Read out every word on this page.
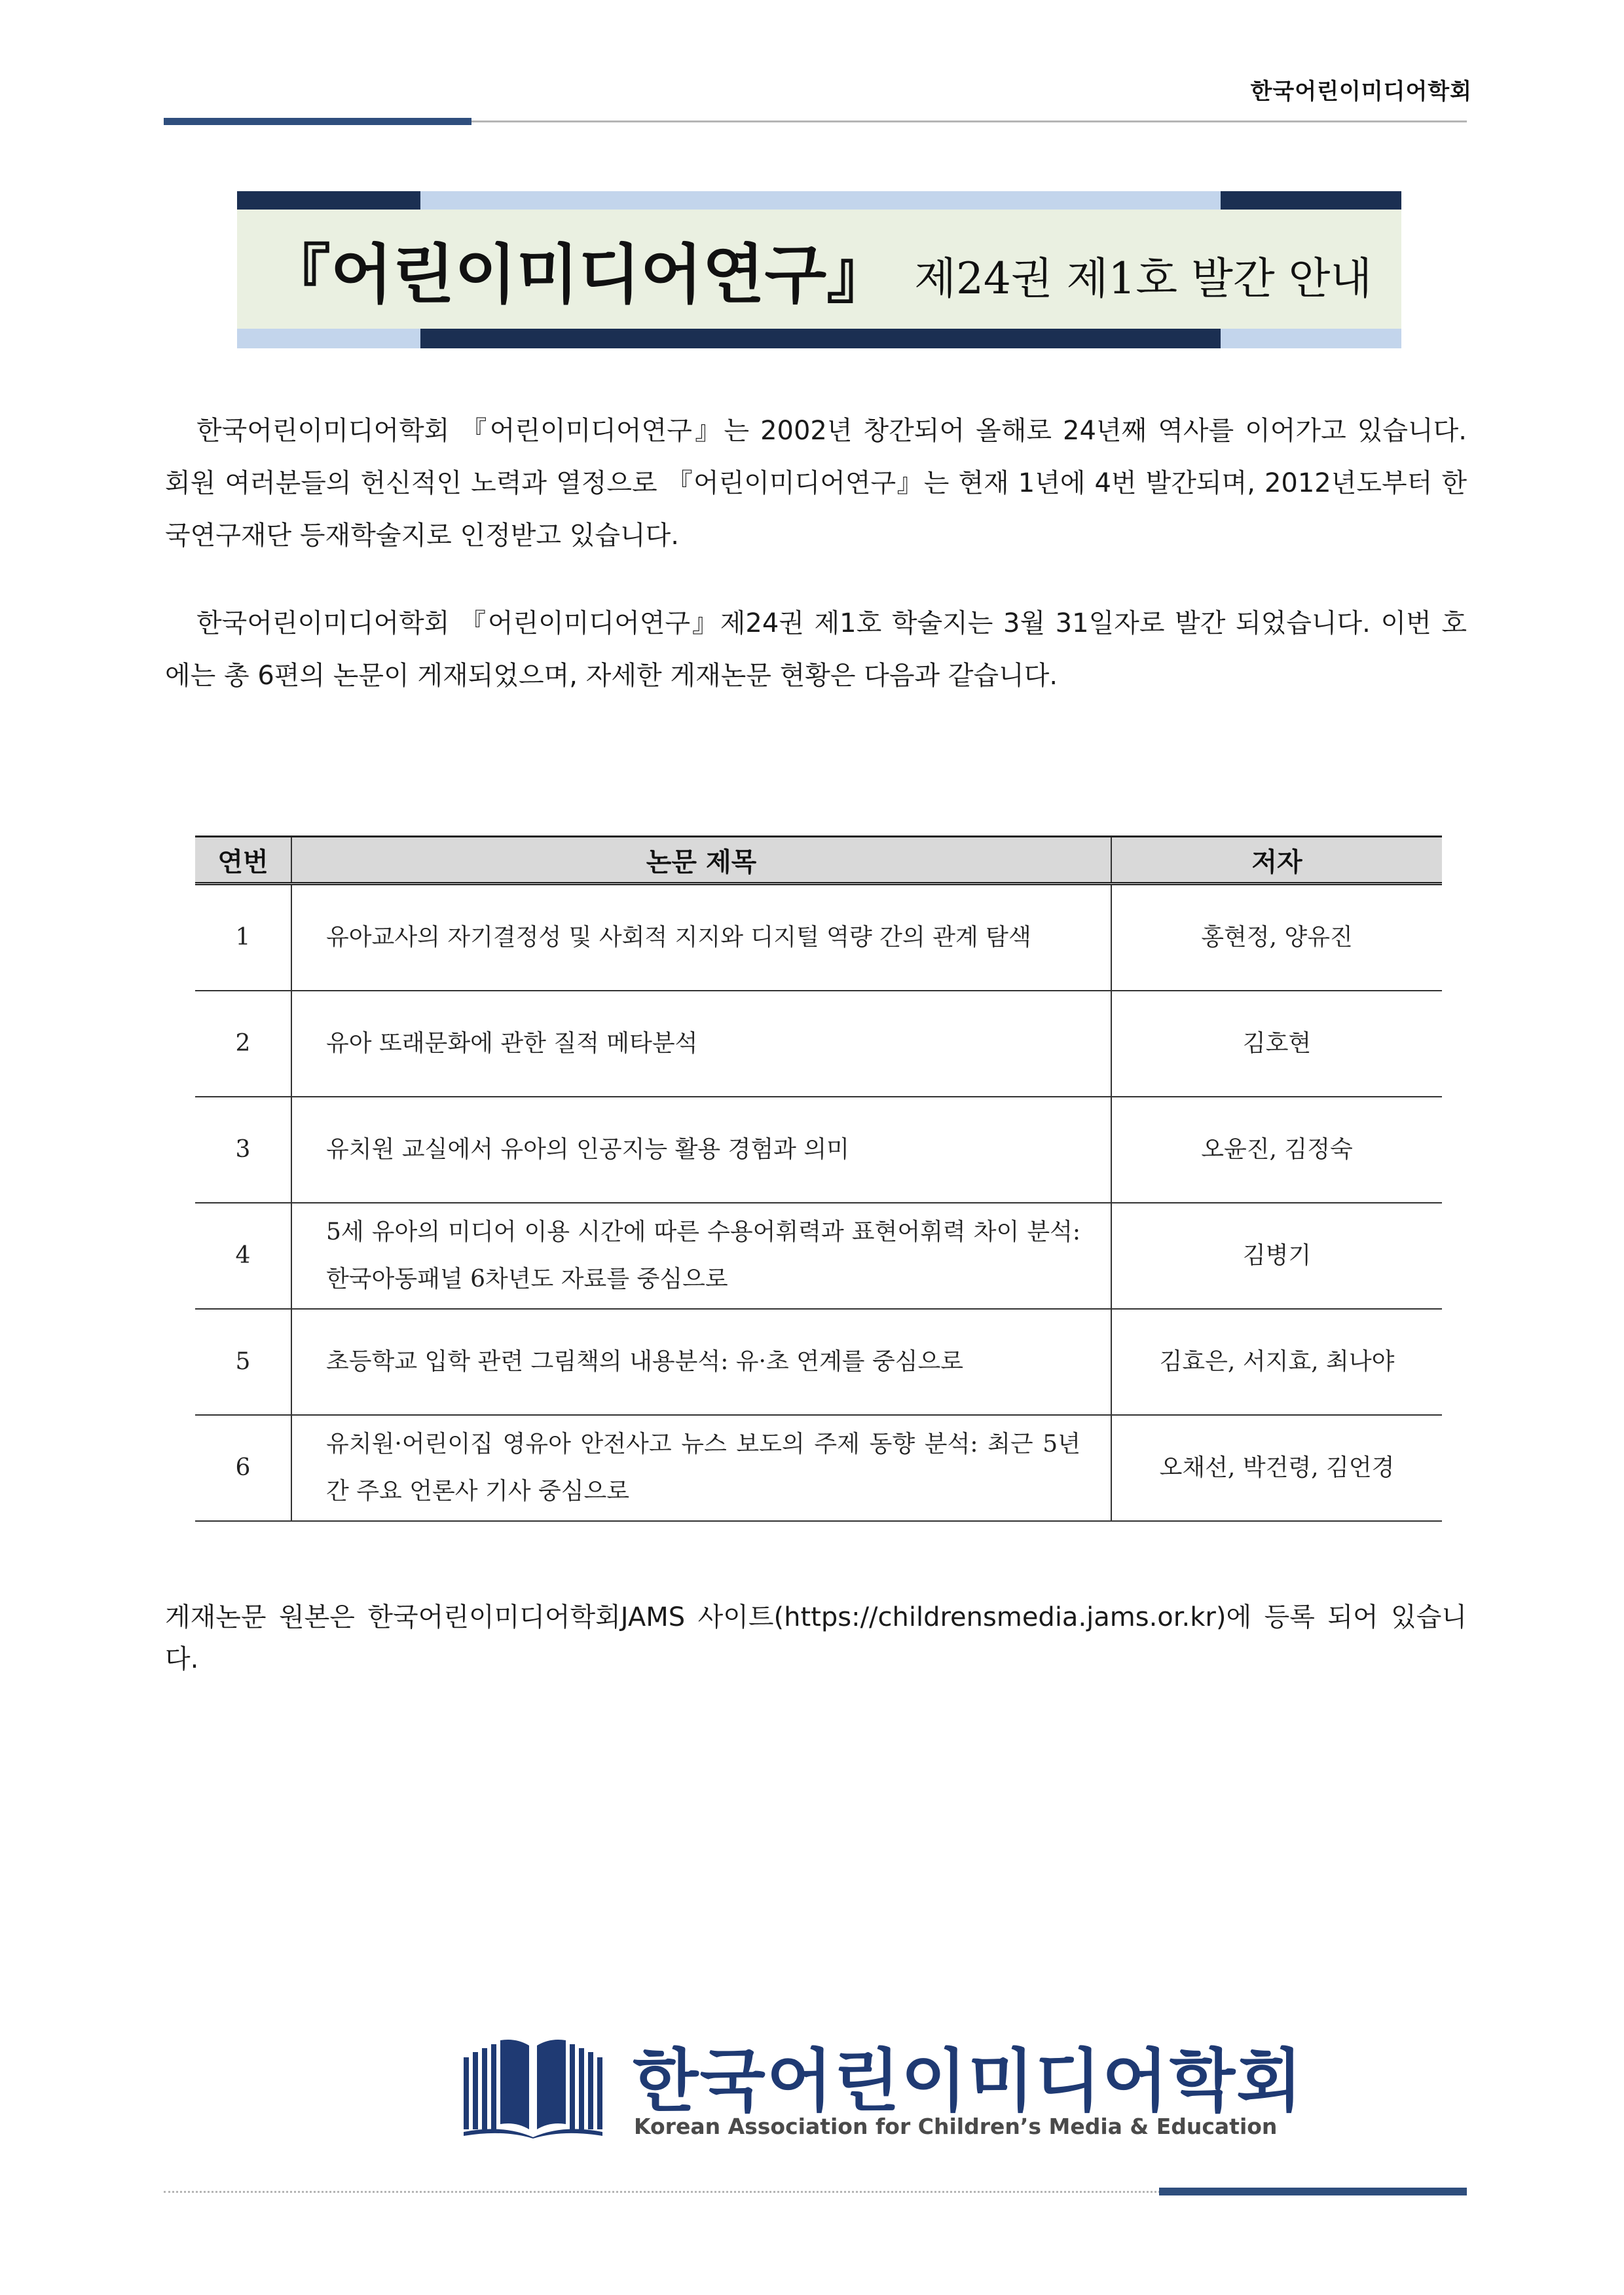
한국어린이미디어학회
『어린이미디어연구』 제24권 제1호 발간 안내
한국어린이미디어학회 『어린이미디어연구』는 2002년 창간되어 올해로 24년째 역사를 이어가고 있습니다. 회원 여러분들의 헌신적인 노력과 열정으로 『어린이미디어연구』는 현재 1년에 4번 발간되며, 2012년도부터 한국연구재단 등재학술지로 인정받고 있습니다.
한국어린이미디어학회 『어린이미디어연구』제24권 제1호 학술지는 3월 31일자로 발간 되었습니다. 이번 호에는 총 6편의 논문이 게재되었으며, 자세한 게재논문 현황은 다음과 같습니다.
연번	논문 제목	저자
1	유아교사의 자기결정성 및 사회적 지지와 디지털 역량 간의 관계 탐색	홍현정, 양유진
2	유아 또래문화에 관한 질적 메타분석	김호현
3	유치원 교실에서 유아의 인공지능 활용 경험과 의미	오윤진, 김정숙
4	5세 유아의 미디어 이용 시간에 따른 수용어휘력과 표현어휘력 차이 분석: 한국아동패널 6차년도 자료를 중심으로	김병기
5	초등학교 입학 관련 그림책의 내용분석: 유·초 연계를 중심으로	김효은, 서지효, 최나야
6	유치원·어린이집 영유아 안전사고 뉴스 보도의 주제 동향 분석: 최근 5년간 주요 언론사 기사 중심으로	오채선, 박건령, 김언경
게재논문 원본은 한국어린이미디어학회JAMS 사이트(https://childrensmedia.jams.or.kr)에 등록 되어 있습니다.
한국어린이미디어학회
Korean Association for Children’s Media & Education
